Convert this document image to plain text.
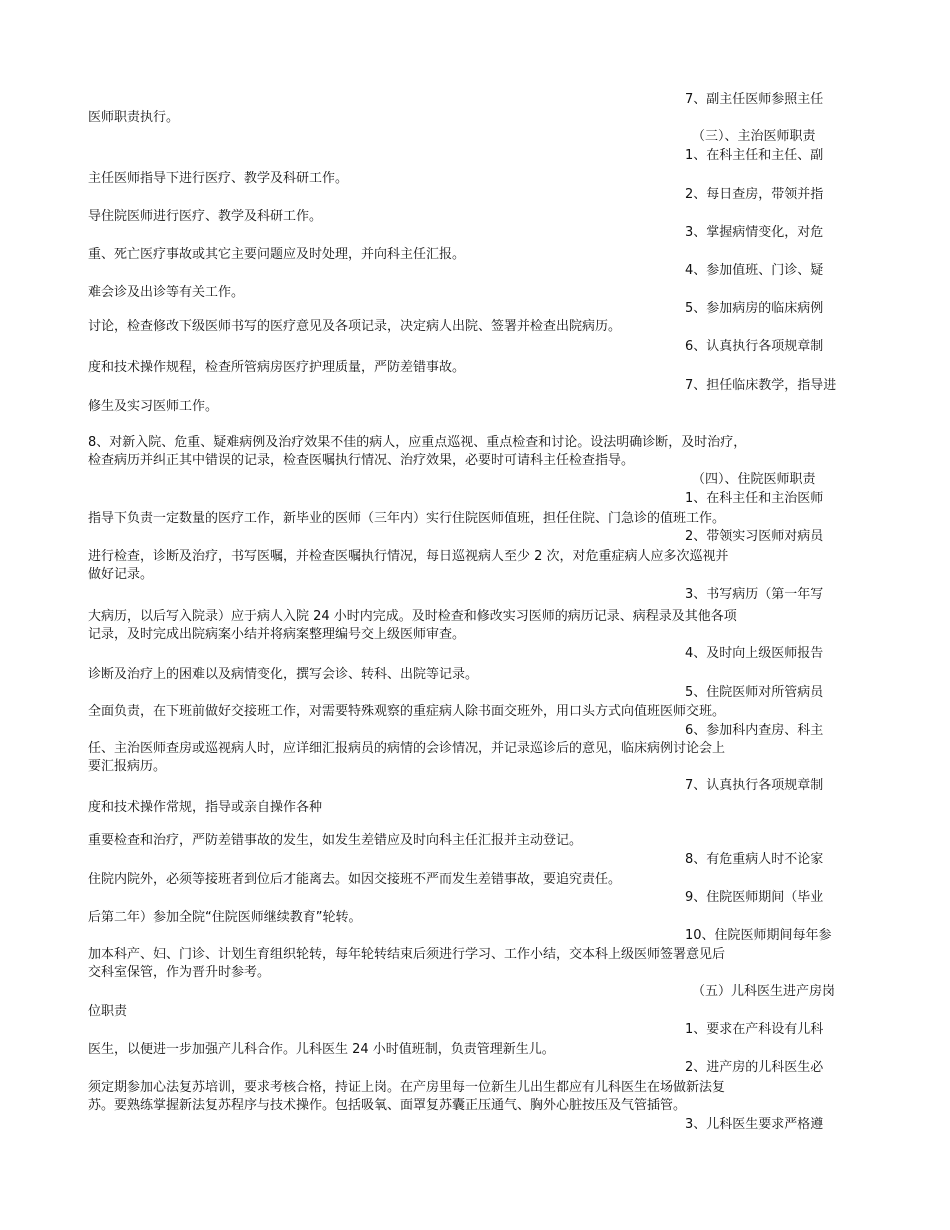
7、副主任医师参照主任
医师职责执行。
（三）、主治医师职责
1、在科主任和主任、副
主任医师指导下进行医疗、教学及科研工作。
2、每日查房，带领并指
导住院医师进行医疗、教学及科研工作。
3、掌握病情变化，对危
重、死亡医疗事故或其它主要问题应及时处理，并向科主任汇报。
4、参加值班、门诊、疑
难会诊及出诊等有关工作。
5、参加病房的临床病例
讨论，检查修改下级医师书写的医疗意见及各项记录，决定病人出院、签署并检查出院病历。
6、认真执行各项规章制
度和技术操作规程，检查所管病房医疗护理质量，严防差错事故。
7、担任临床教学，指导进
修生及实习医师工作。
8、对新入院、危重、疑难病例及治疗效果不佳的病人，应重点巡视、重点检查和讨论。设法明确诊断，及时治疗，
检查病历并纠正其中错误的记录，检查医嘱执行情况、治疗效果，必要时可请科主任检查指导。
（四）、住院医师职责
1、在科主任和主治医师
指导下负责一定数量的医疗工作，新毕业的医师（三年内）实行住院医师值班，担任住院、门急诊的值班工作。
2、带领实习医师对病员
进行检查，诊断及治疗，书写医嘱，并检查医嘱执行情况，每日巡视病人至少 2 次，对危重症病人应多次巡视并
做好记录。
3、书写病历（第一年写
大病历，以后写入院录）应于病人入院 24 小时内完成。及时检查和修改实习医师的病历记录、病程录及其他各项
记录，及时完成出院病案小结并将病案整理编号交上级医师审查。
4、及时向上级医师报告
诊断及治疗上的困难以及病情变化，撰写会诊、转科、出院等记录。
5、住院医师对所管病员
全面负责，在下班前做好交接班工作，对需要特殊观察的重症病人除书面交班外，用口头方式向值班医师交班。
6、参加科内查房、科主
任、主治医师查房或巡视病人时，应详细汇报病员的病情的会诊情况，并记录巡诊后的意见，临床病例讨论会上
要汇报病历。
7、认真执行各项规章制
度和技术操作常规，指导或亲自操作各种
重要检查和治疗，严防差错事故的发生，如发生差错应及时向科主任汇报并主动登记。
8、有危重病人时不论家
住院内院外，必须等接班者到位后才能离去。如因交接班不严而发生差错事故，要追究责任。
9、住院医师期间（毕业
后第二年）参加全院“住院医师继续教育”轮转。
10、住院医师期间每年参
加本科产、妇、门诊、计划生育组织轮转，每年轮转结束后须进行学习、工作小结，交本科上级医师签署意见后
交科室保管，作为晋升时参考。
（五）儿科医生进产房岗
位职责
1、要求在产科设有儿科
医生，以便进一步加强产儿科合作。儿科医生 24 小时值班制，负责管理新生儿。
2、进产房的儿科医生必
须定期参加心法复苏培训，要求考核合格，持证上岗。在产房里每一位新生儿出生都应有儿科医生在场做新法复
苏。要熟练掌握新法复苏程序与技术操作。包括吸氧、面罩复苏囊正压通气、胸外心脏按压及气管插管。
3、儿科医生要求严格遵
